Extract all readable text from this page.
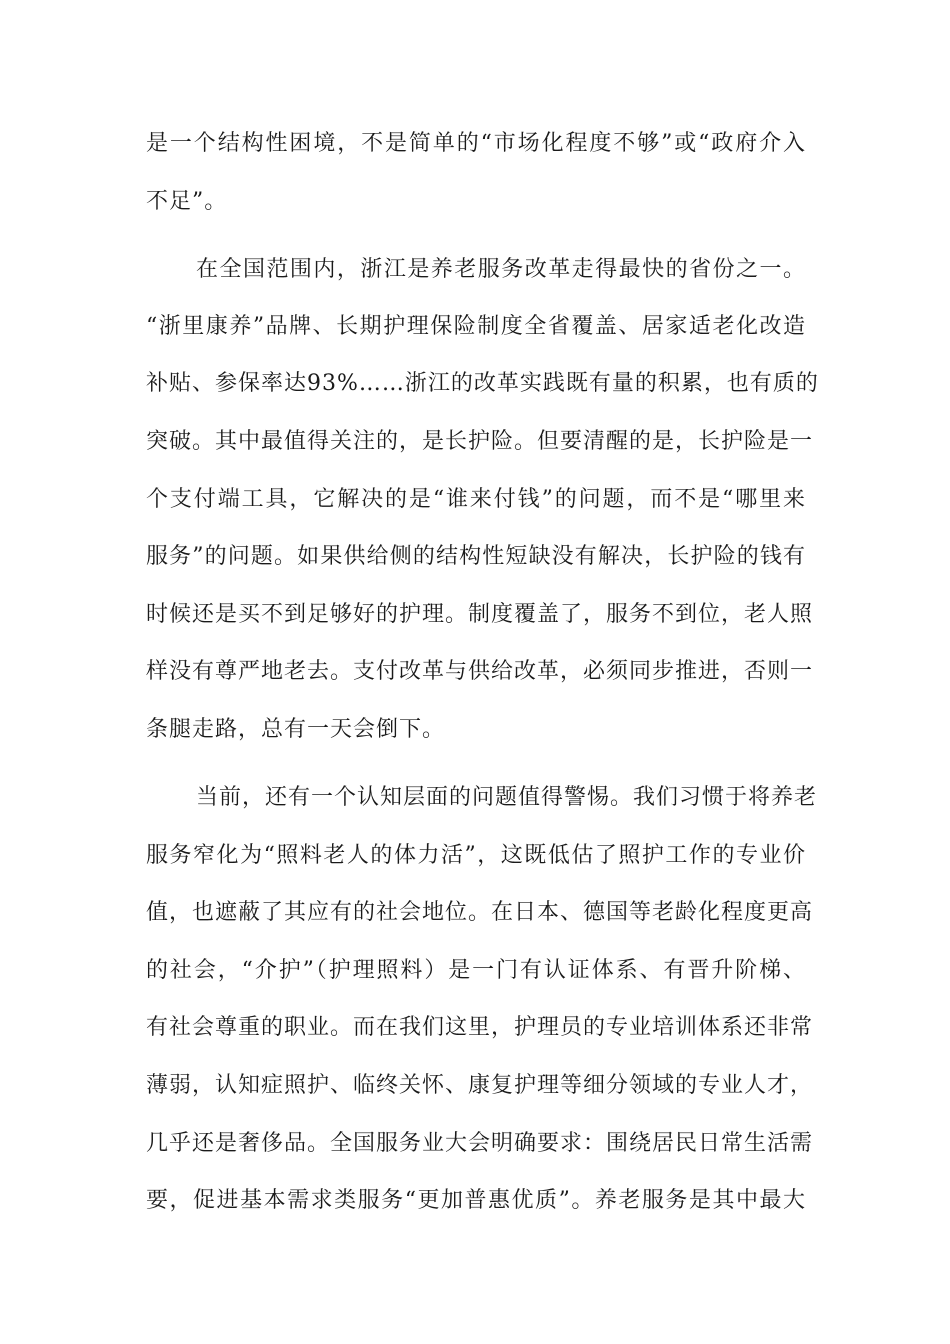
是一个结构性困境，不是简单的“市场化程度不够”或“政府介入
不足”。
在全国范围内，浙江是养老服务改革走得最快的省份之一。
“浙里康养”品牌、长期护理保险制度全省覆盖、居家适老化改造
补贴、参保率达93%……浙江的改革实践既有量的积累，也有质的
突破。其中最值得关注的，是长护险。但要清醒的是，长护险是一
个支付端工具，它解决的是“谁来付钱”的问题，而不是“哪里来
服务”的问题。如果供给侧的结构性短缺没有解决，长护险的钱有
时候还是买不到足够好的护理。制度覆盖了，服务不到位，老人照
样没有尊严地老去。支付改革与供给改革，必须同步推进，否则一
条腿走路，总有一天会倒下。
当前，还有一个认知层面的问题值得警惕。我们习惯于将养老
服务窄化为“照料老人的体力活”，这既低估了照护工作的专业价
值，也遮蔽了其应有的社会地位。在日本、德国等老龄化程度更高
的社会，“介护”（护理照料）是一门有认证体系、有晋升阶梯、
有社会尊重的职业。而在我们这里，护理员的专业培训体系还非常
薄弱，认知症照护、临终关怀、康复护理等细分领域的专业人才，
几乎还是奢侈品。全国服务业大会明确要求：围绕居民日常生活需
要，促进基本需求类服务“更加普惠优质”。养老服务是其中最大
